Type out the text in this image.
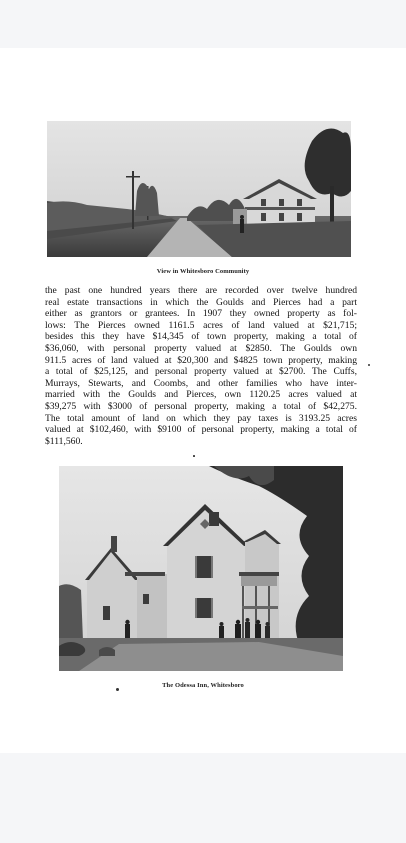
View in Whitesboro Community
the past one hundred years there are recorded over twelve hundred
real estate transactions in which the Goulds and Pierces had a part
either as grantors or grantees. In 1907 they owned property as fol-
lows: The Pierces owned 1161.5 acres of land valued at $21,715;
besides this they have $14,345 of town property, making a total of
$36,060, with personal property valued at $2850. The Goulds own
911.5 acres of land valued at $20,300 and $4825 town property, making
a total of $25,125, and personal property valued at $2700. The Cuffs,
Murrays, Stewarts, and Coombs, and other families who have inter-
married with the Goulds and Pierces, own 1120.25 acres valued at
$39,275 with $3000 of personal property, making a total of $42,275.
The total amount of land on which they pay taxes is 3193.25 acres
valued at $102,460, with $9100 of personal property, making a total of
$111,560.
The Odessa Inn, Whitesboro
